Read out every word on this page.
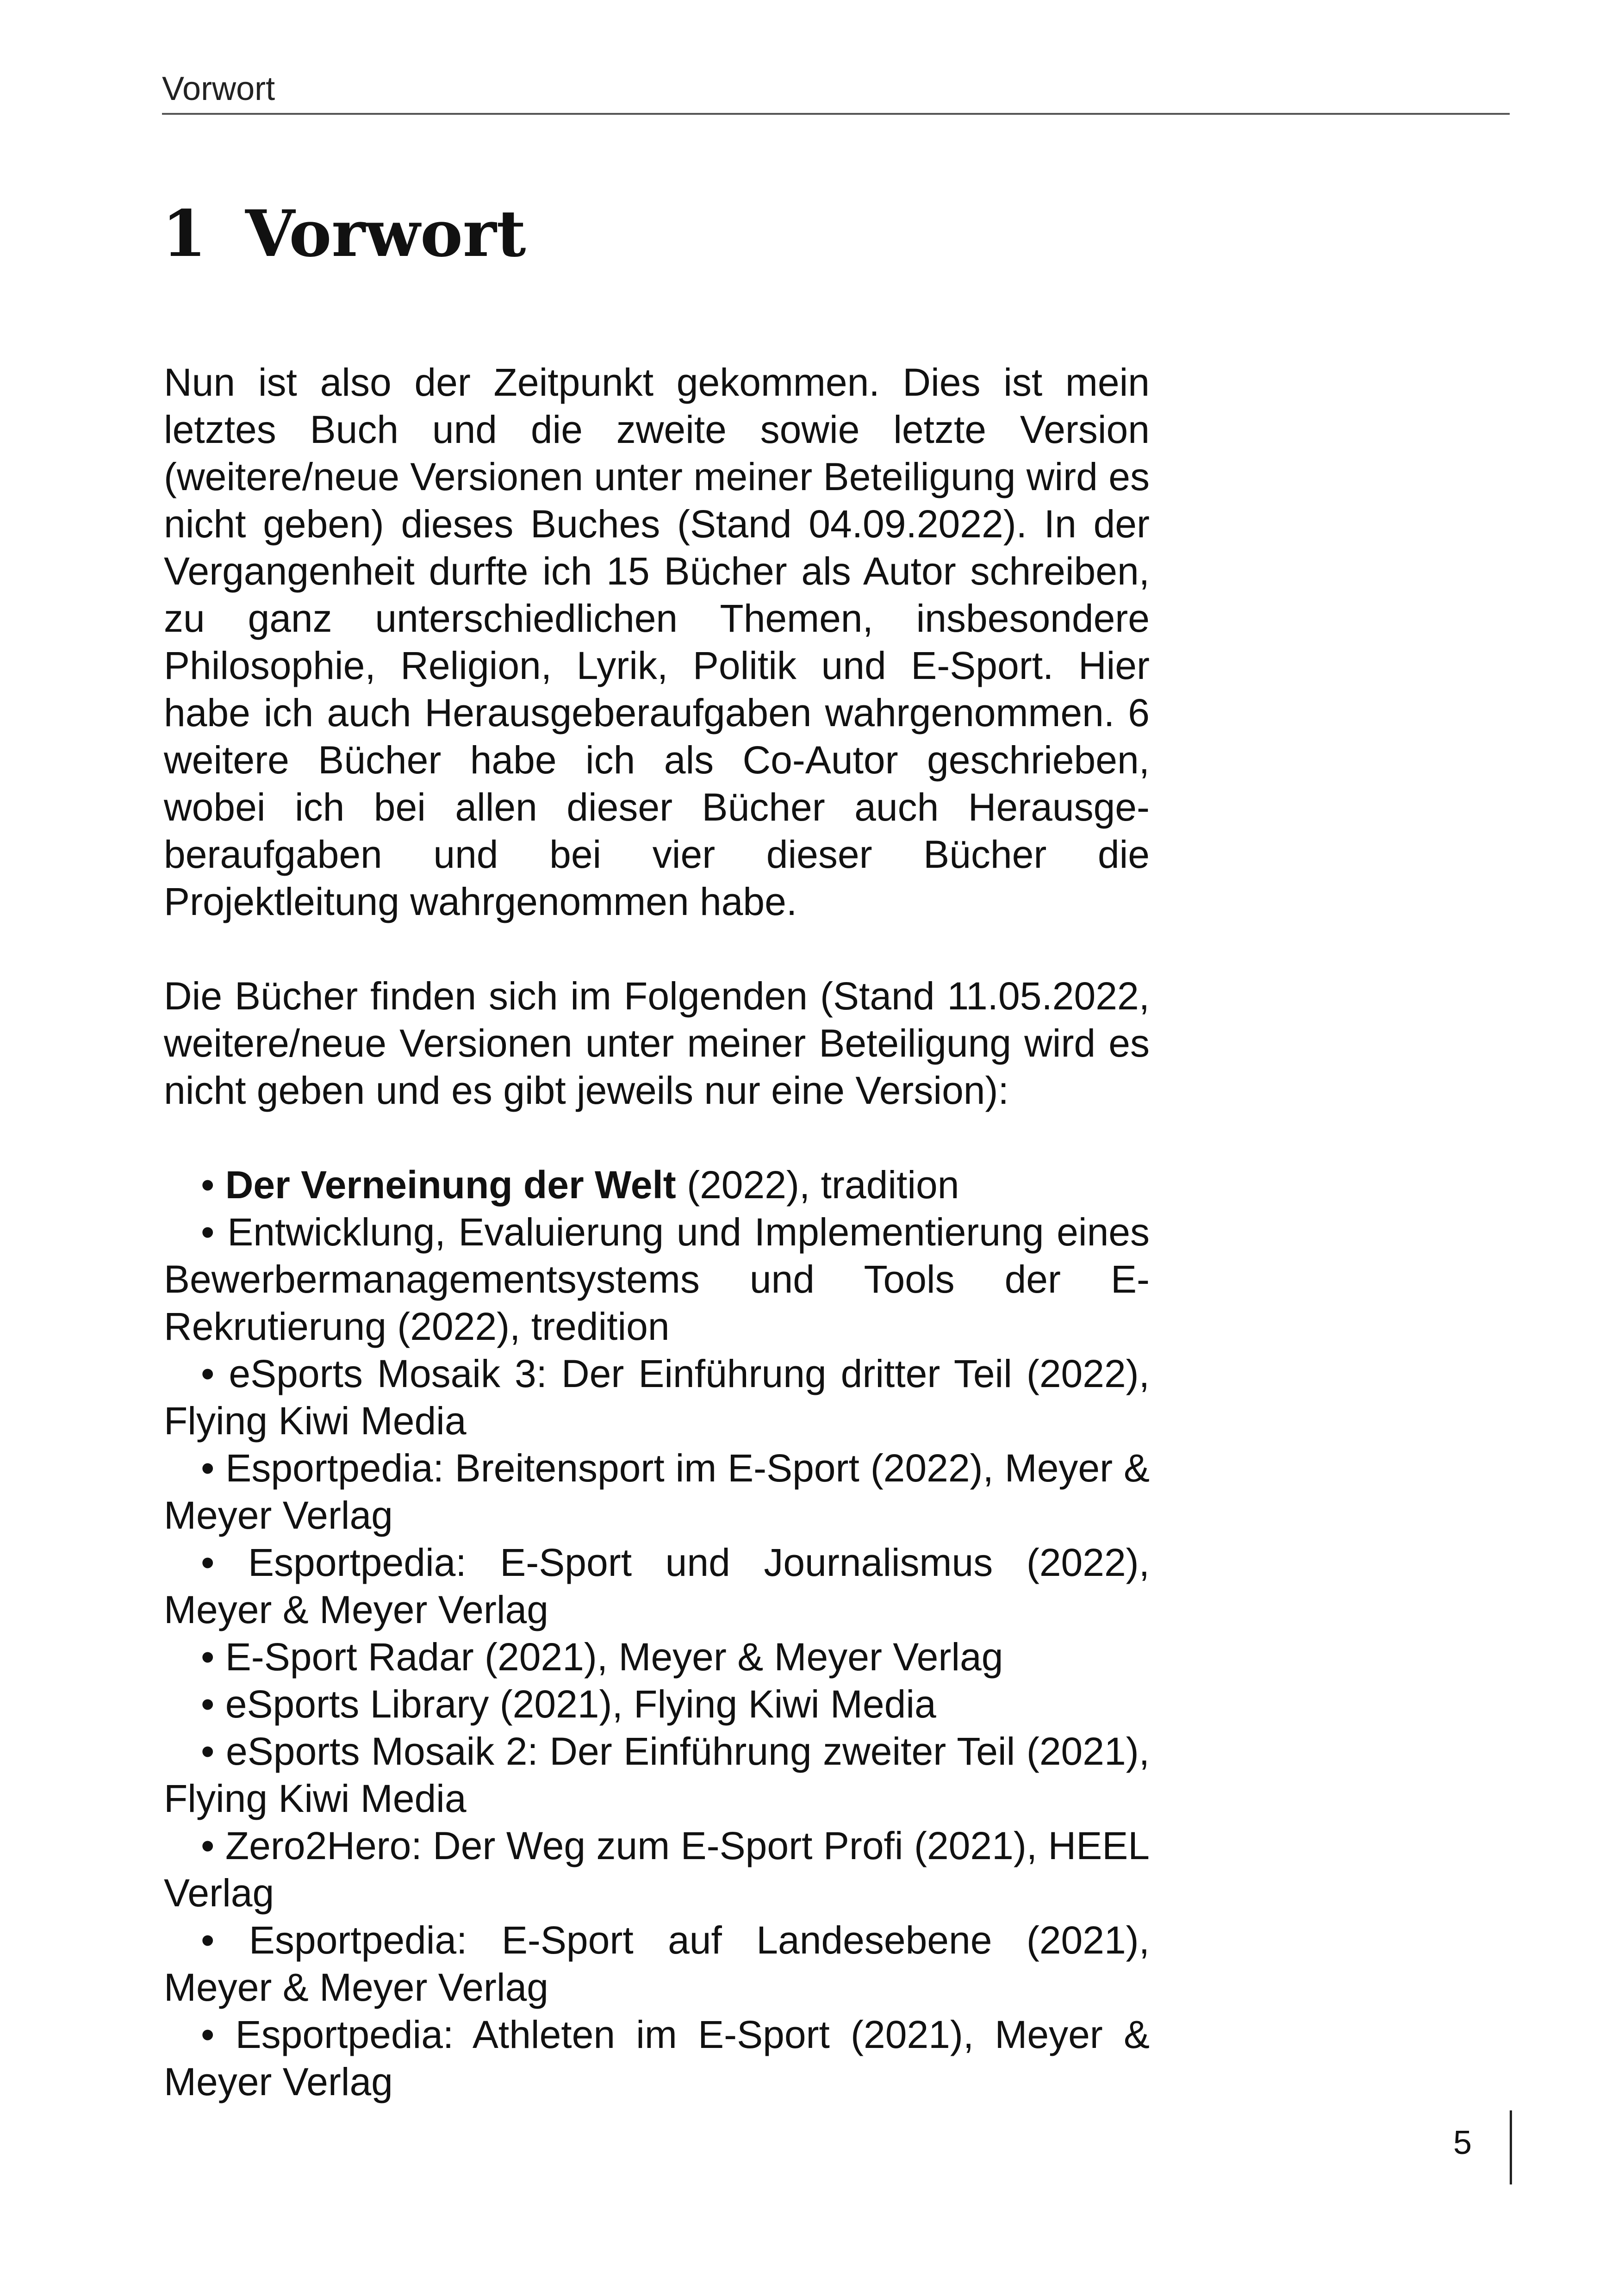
Vorwort
1 Vorwort

Nun ist also der Zeitpunkt gekommen. Dies ist mein letztes Buch und die zweite sowie letzte Version (weitere/neue Versionen unter meiner Beteiligung wird es nicht geben) dieses Buches (Stand 04.09.2022). In der Vergangenheit durfte ich 15 Bücher als Autor schreiben, zu ganz unterschiedlichen Themen, insbesondere Philosophie, Religion, Lyrik, Politik und E-Sport. Hier habe ich auch Herausgeberaufgaben wahrgenommen. 6 weitere Bücher habe ich als Co-Autor geschrieben, wobei ich bei allen dieser Bücher auch Herausgeberaufgaben und bei vier dieser Bücher die Projektleitung wahrgenommen habe.

Die Bücher finden sich im Folgenden (Stand 11.05.2022, weitere/neue Versionen unter meiner Beteiligung wird es nicht geben und es gibt jeweils nur eine Version):

• Der Verneinung der Welt (2022), tradition
• Entwicklung, Evaluierung und Implementierung eines Bewerbermanagementsystems und Tools der E-Rekrutierung (2022), tredition
• eSports Mosaik 3: Der Einführung dritter Teil (2022), Flying Kiwi Media
• Esportpedia: Breitensport im E-Sport (2022), Meyer & Meyer Verlag
• Esportpedia: E-Sport und Journalismus (2022), Meyer & Meyer Verlag
• E-Sport Radar (2021), Meyer & Meyer Verlag
• eSports Library (2021), Flying Kiwi Media
• eSports Mosaik 2: Der Einführung zweiter Teil (2021), Flying Kiwi Media
• Zero2Hero: Der Weg zum E-Sport Profi (2021), HEEL Verlag
• Esportpedia: E-Sport auf Landesebene (2021), Meyer & Meyer Verlag
• Esportpedia: Athleten im E-Sport (2021), Meyer & Meyer Verlag
5
